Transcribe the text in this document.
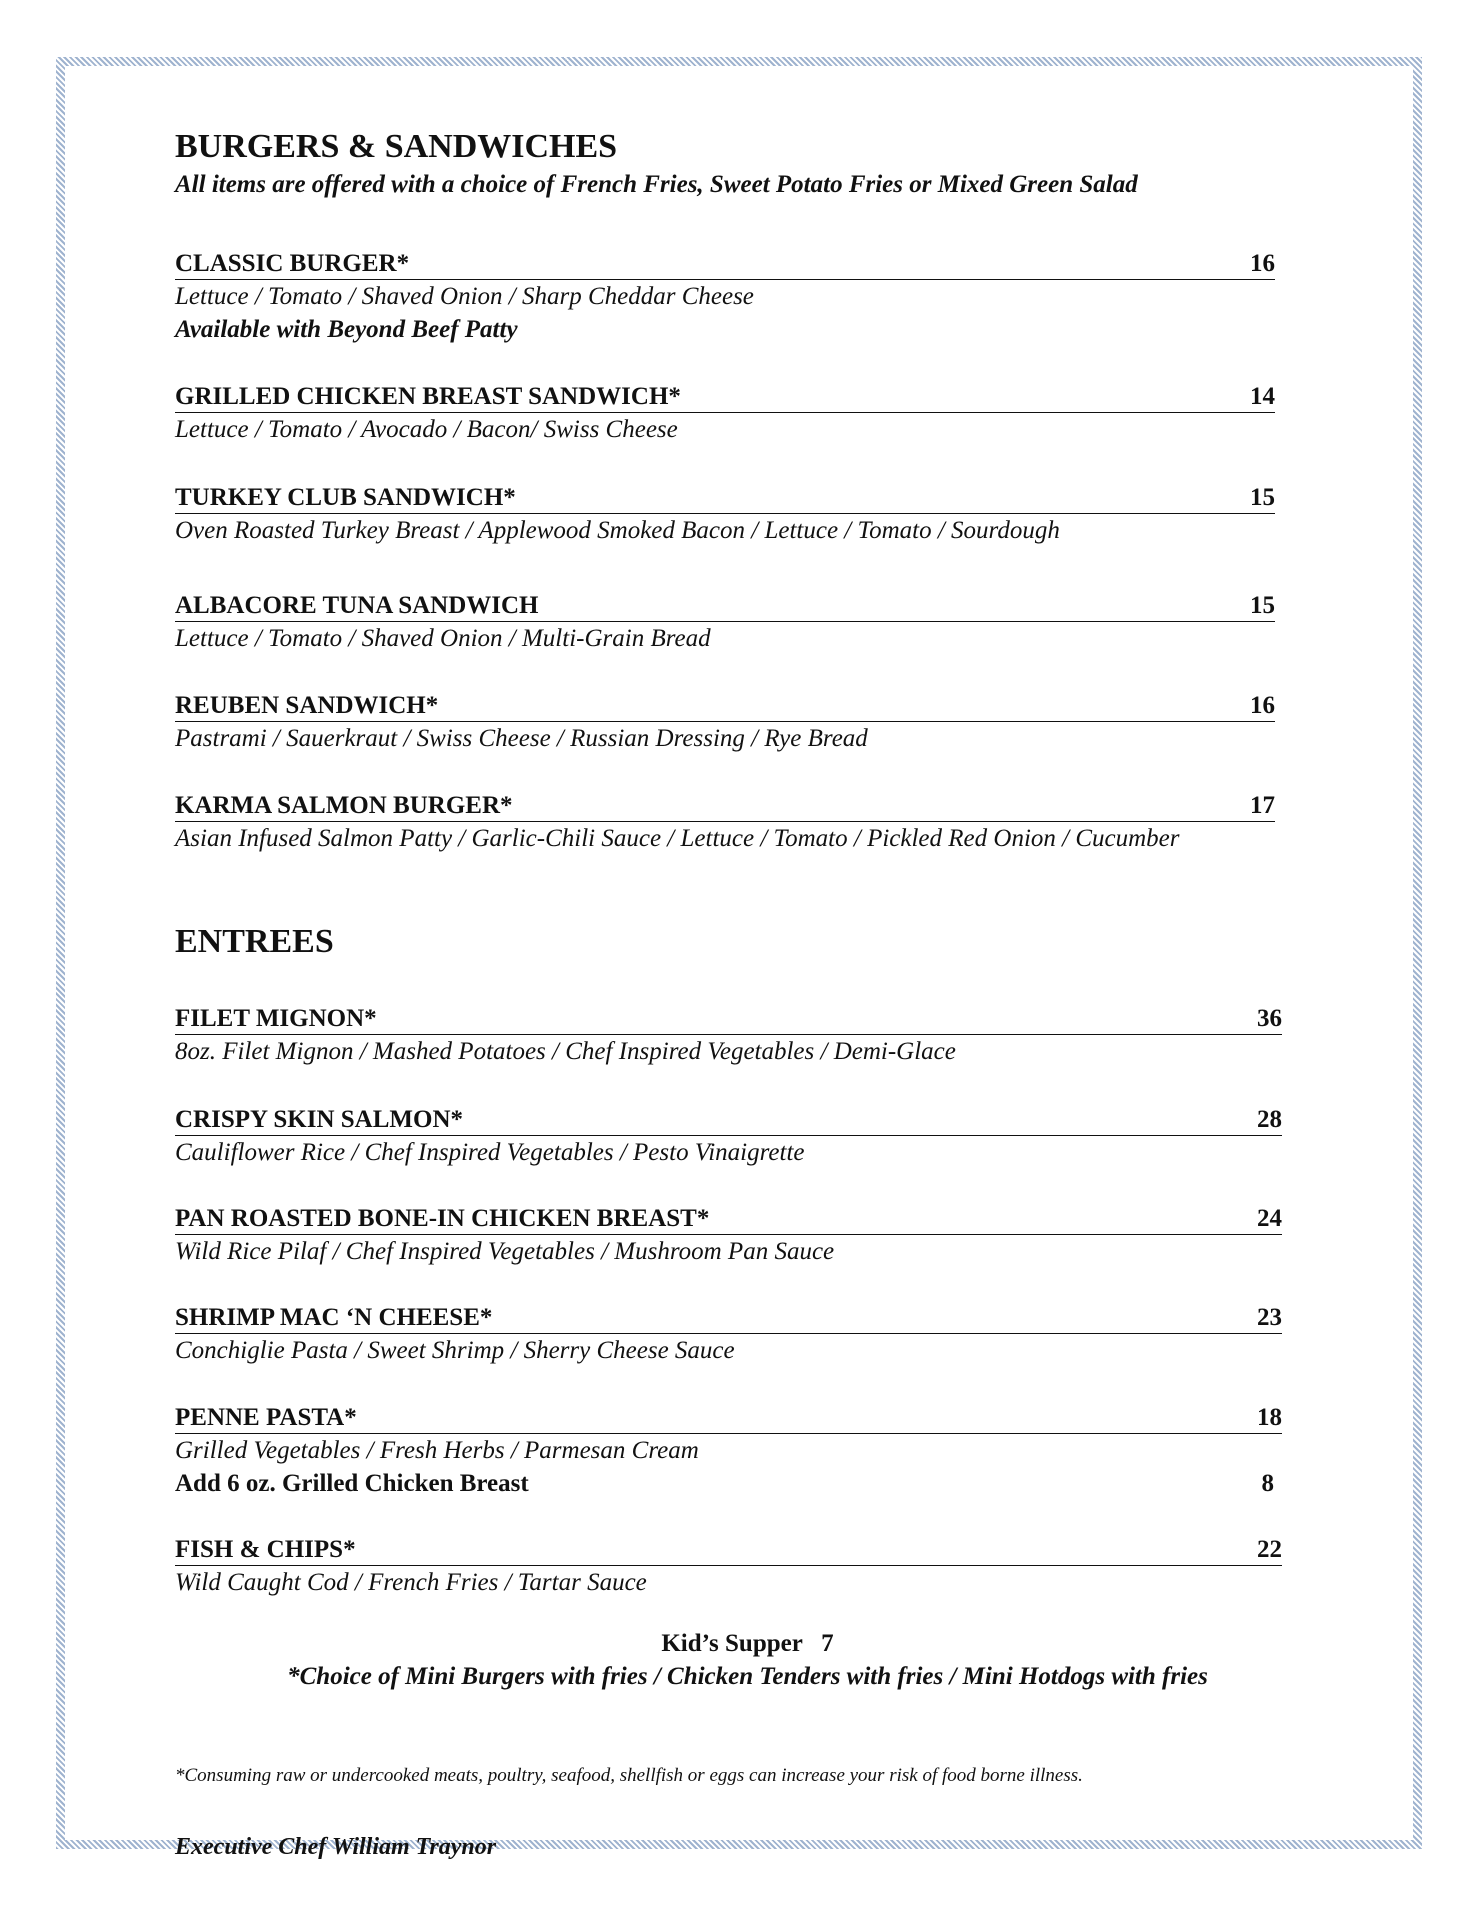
BURGERS & SANDWICHES
All items are offered with a choice of French Fries, Sweet Potato Fries or Mixed Green Salad
CLASSIC BURGER*	16
Lettuce / Tomato / Shaved Onion / Sharp Cheddar Cheese
Available with Beyond Beef Patty
GRILLED CHICKEN BREAST SANDWICH*	14
Lettuce / Tomato / Avocado / Bacon/ Swiss Cheese
TURKEY CLUB SANDWICH*	15
Oven Roasted Turkey Breast / Applewood Smoked Bacon / Lettuce / Tomato / Sourdough
ALBACORE TUNA SANDWICH	15
Lettuce / Tomato / Shaved Onion / Multi-Grain Bread
REUBEN SANDWICH*	16
Pastrami / Sauerkraut / Swiss Cheese / Russian Dressing / Rye Bread
KARMA SALMON BURGER*	17
Asian Infused Salmon Patty / Garlic-Chili Sauce / Lettuce / Tomato / Pickled Red Onion / Cucumber
ENTREES
FILET MIGNON*	36
8oz. Filet Mignon / Mashed Potatoes / Chef Inspired Vegetables / Demi-Glace
CRISPY SKIN SALMON*	28
Cauliflower Rice / Chef Inspired Vegetables / Pesto Vinaigrette
PAN ROASTED BONE-IN CHICKEN BREAST*	24
Wild Rice Pilaf / Chef Inspired Vegetables / Mushroom Pan Sauce
SHRIMP MAC ‘N CHEESE*	23
Conchiglie Pasta / Sweet Shrimp / Sherry Cheese Sauce
PENNE PASTA*	18
Grilled Vegetables / Fresh Herbs / Parmesan Cream
Add 6 oz. Grilled Chicken Breast	8
FISH & CHIPS*	22
Wild Caught Cod / French Fries / Tartar Sauce
Kid’s Supper   7
*Choice of Mini Burgers with fries / Chicken Tenders with fries / Mini Hotdogs with fries
*Consuming raw or undercooked meats, poultry, seafood, shellfish or eggs can increase your risk of food borne illness.
Executive Chef William Traynor
